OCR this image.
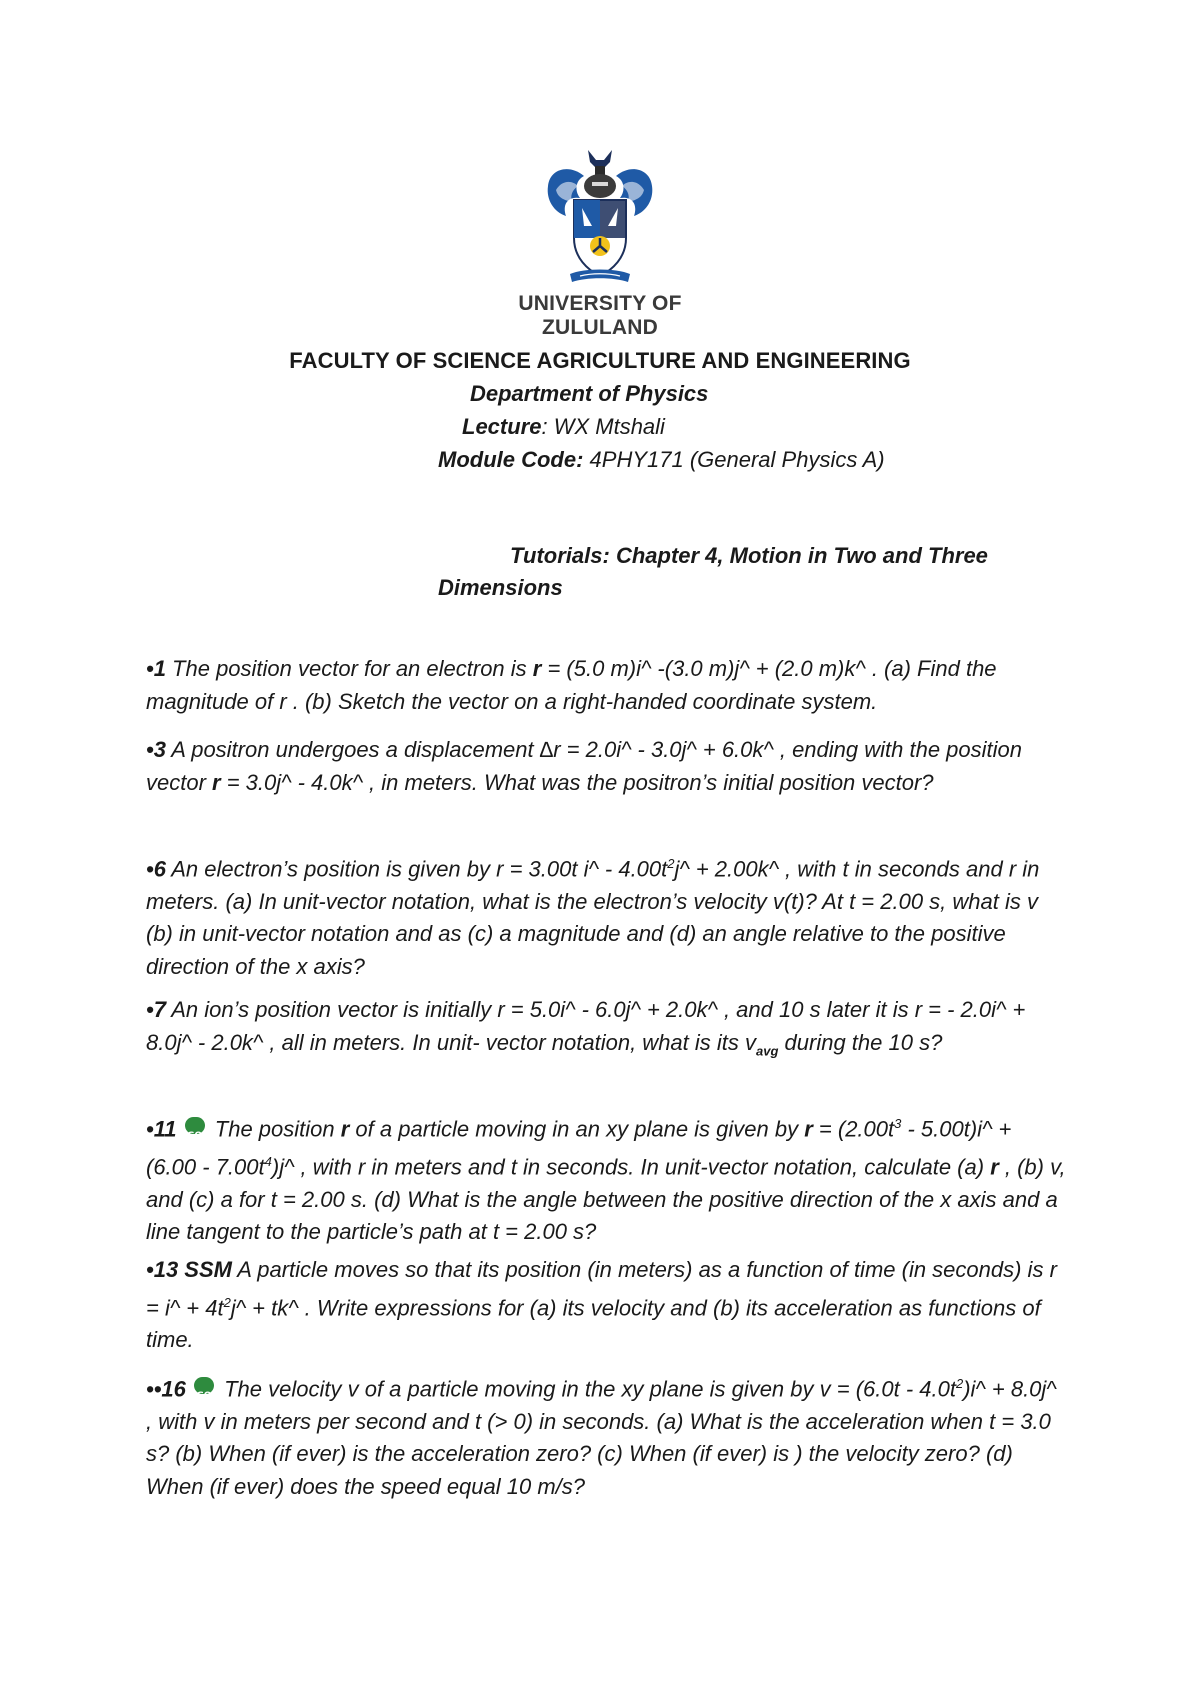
UNIVERSITY OF
ZULULAND
FACULTY OF SCIENCE AGRICULTURE AND ENGINEERING
Department of Physics
Lecture: WX Mtshali
Module Code: 4PHY171 (General Physics A)
Tutorials: Chapter 4, Motion in Two and Three
Dimensions
•1 The position vector for an electron is r = (5.0 m)i^ -(3.0 m)j^ + (2.0 m)k^ . (a) Find the magnitude of r . (b) Sketch the vector on a right-handed coordinate system.
•3 A positron undergoes a displacement ∆r = 2.0i^ - 3.0j^ + 6.0k^ , ending with the position vector r = 3.0j^ - 4.0k^ , in meters. What was the positron’s initial position vector?
•6 An electron’s position is given by r = 3.00t i^ - $4.00t^2j\^{}$ + 2.00k^ , with t in seconds and r in meters. (a) In unit-vector notation, what is the electron’s velocity v(t)? At t = 2.00 s, what is v (b) in unit-vector notation and as (c) a magnitude and (d) an angle relative to the positive direction of the x axis?
•7 An ion’s position vector is initially r = 5.0i^ - 6.0j^ + 2.0k^ , and 10 s later it is r = - 2.0i^ + 8.0j^ - 2.0k^ , all in meters. In unit- vector notation, what is its $v_{avg}$ during the 10 s?
•11 GO The position r of a particle moving in an xy plane is given by $r = (2.00t^3$ - 5.00t)i^ + $(6.00 - 7.00t^4)j\^{}$ , with r in meters and t in seconds. In unit-vector notation, calculate (a) r , (b) v, and (c) a for t = 2.00 s. (d) What is the angle between the positive direction of the x axis and a line tangent to the particle’s path at t = 2.00 s?
•13 SSM A particle moves so that its position (in meters) as a function of time (in seconds) is r = i^ + $4t^2j\^{}$ + tk^ . Write expressions for (a) its velocity and (b) its acceleration as functions of time.
••16 GO The velocity v of a particle moving in the xy plane is given by $v = (6.0t - 4.0t^2)i\^{}$ + 8.0j^ , with v in meters per second and t (> 0) in seconds. (a) What is the acceleration when t = 3.0 s? (b) When (if ever) is the acceleration zero? (c) When (if ever) is ) the velocity zero? (d) When (if ever) does the speed equal 10 m/s?
